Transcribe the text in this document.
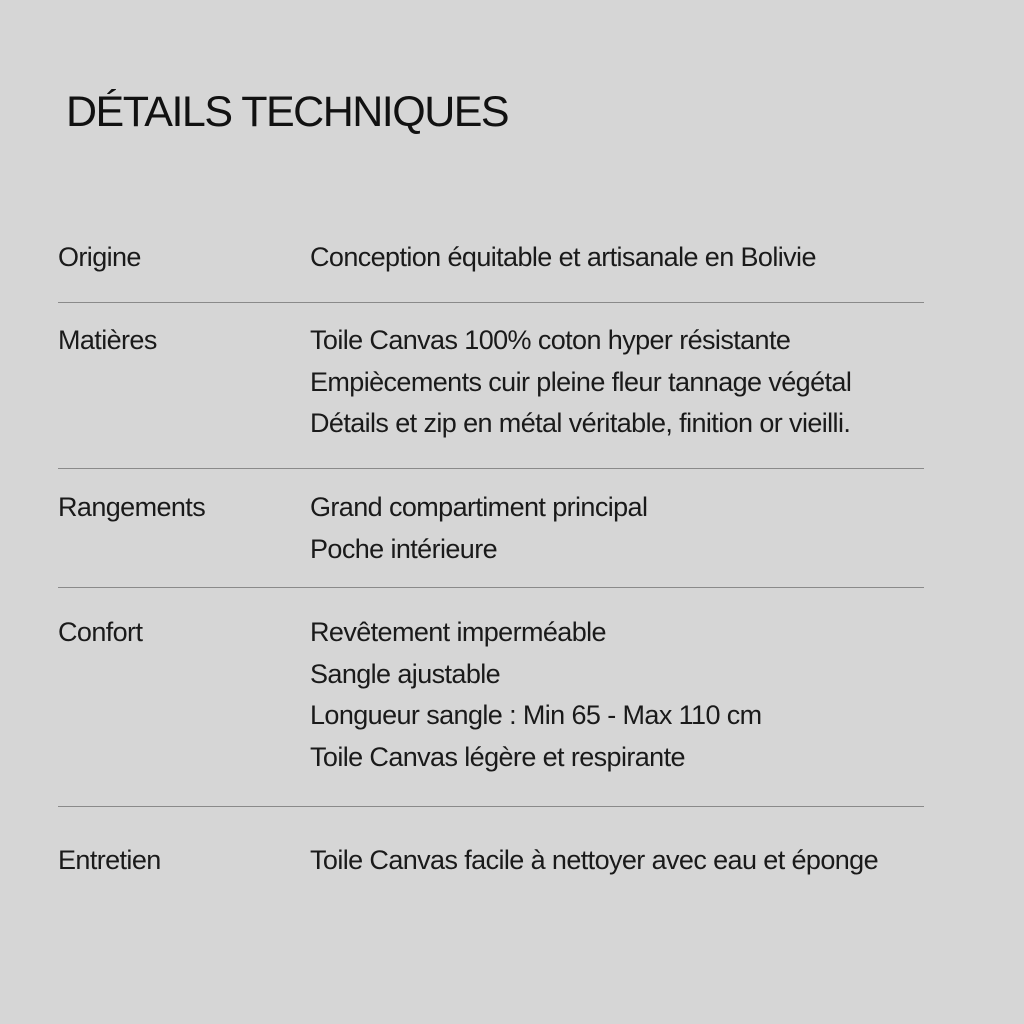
DÉTAILS TECHNIQUES
Origine	Conception équitable et artisanale en Bolivie
Matières	Toile Canvas 100% coton hyper résistante
Empiècements cuir pleine fleur tannage végétal
Détails et zip en métal véritable, finition or vieilli.
Rangements	Grand compartiment principal
Poche intérieure
Confort	Revêtement imperméable
Sangle ajustable
Longueur sangle : Min 65 - Max 110 cm
Toile Canvas légère et respirante
Entretien	Toile Canvas facile à nettoyer avec eau et éponge
